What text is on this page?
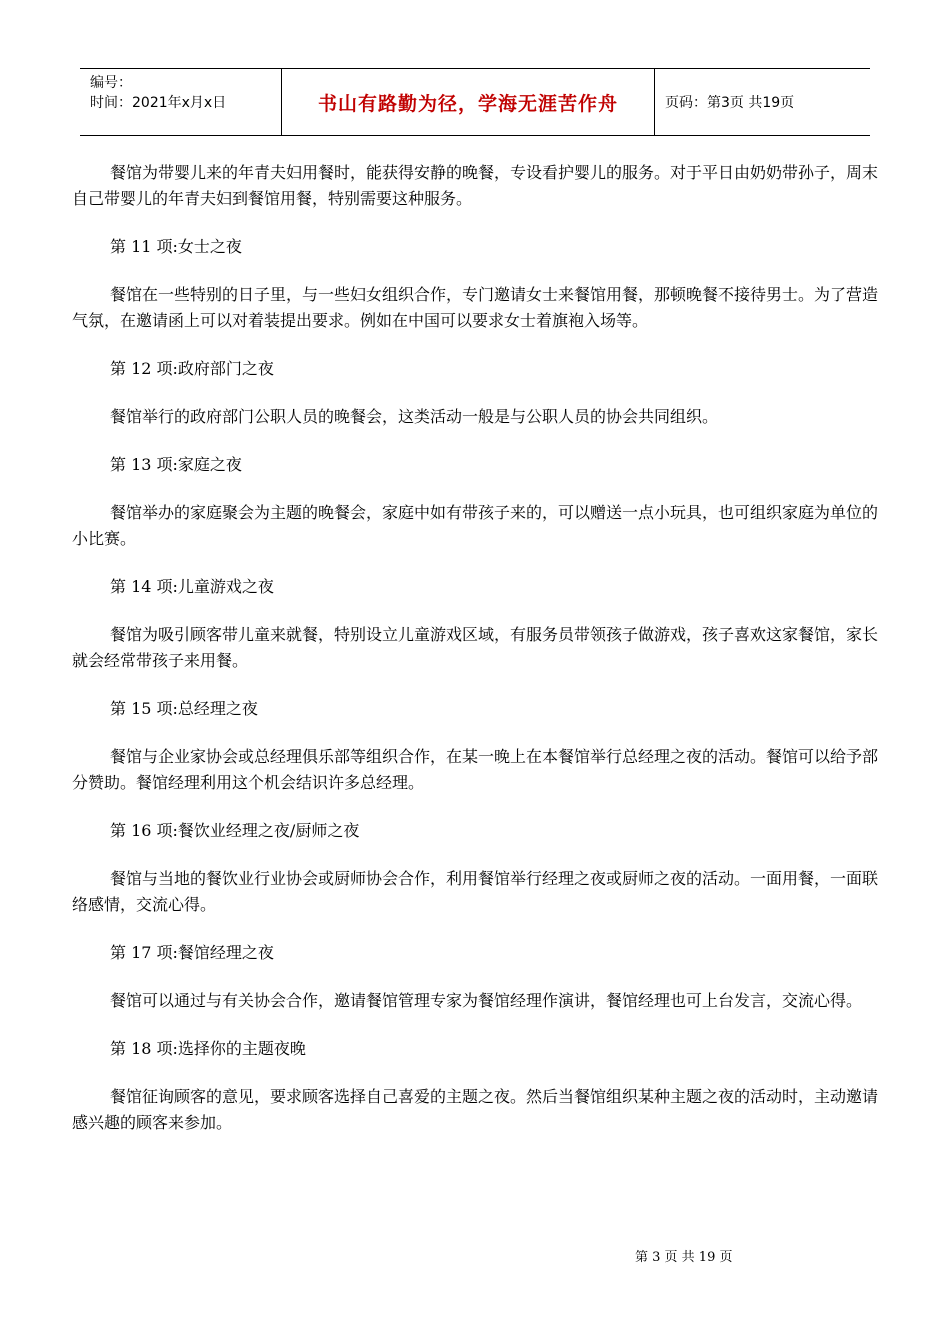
编号：
时间：2021年x月x日	书山有路勤为径，学海无涯苦作舟	页码：第3页 共19页

餐馆为带婴儿来的年青夫妇用餐时，能获得安静的晚餐，专设看护婴儿的服务。对于平日由奶奶带孙子，周末自己带婴儿的年青夫妇到餐馆用餐，特别需要这种服务。

第 11 项:女士之夜

餐馆在一些特别的日子里，与一些妇女组织合作，专门邀请女士来餐馆用餐，那顿晚餐不接待男士。为了营造气氛，在邀请函上可以对着装提出要求。例如在中国可以要求女士着旗袍入场等。

第 12 项:政府部门之夜

餐馆举行的政府部门公职人员的晚餐会，这类活动一般是与公职人员的协会共同组织。

第 13 项:家庭之夜

餐馆举办的家庭聚会为主题的晚餐会，家庭中如有带孩子来的，可以赠送一点小玩具，也可组织家庭为单位的小比赛。

第 14 项:儿童游戏之夜

餐馆为吸引顾客带儿童来就餐，特别设立儿童游戏区域，有服务员带领孩子做游戏，孩子喜欢这家餐馆，家长就会经常带孩子来用餐。

第 15 项:总经理之夜

餐馆与企业家协会或总经理俱乐部等组织合作，在某一晚上在本餐馆举行总经理之夜的活动。餐馆可以给予部分赞助。餐馆经理利用这个机会结识许多总经理。

第 16 项:餐饮业经理之夜/厨师之夜

餐馆与当地的餐饮业行业协会或厨师协会合作，利用餐馆举行经理之夜或厨师之夜的活动。一面用餐，一面联络感情，交流心得。

第 17 项:餐馆经理之夜

餐馆可以通过与有关协会合作，邀请餐馆管理专家为餐馆经理作演讲，餐馆经理也可上台发言，交流心得。

第 18 项:选择你的主题夜晚

餐馆征询顾客的意见，要求顾客选择自己喜爱的主题之夜。然后当餐馆组织某种主题之夜的活动时，主动邀请感兴趣的顾客来参加。

第 3 页 共 19 页
